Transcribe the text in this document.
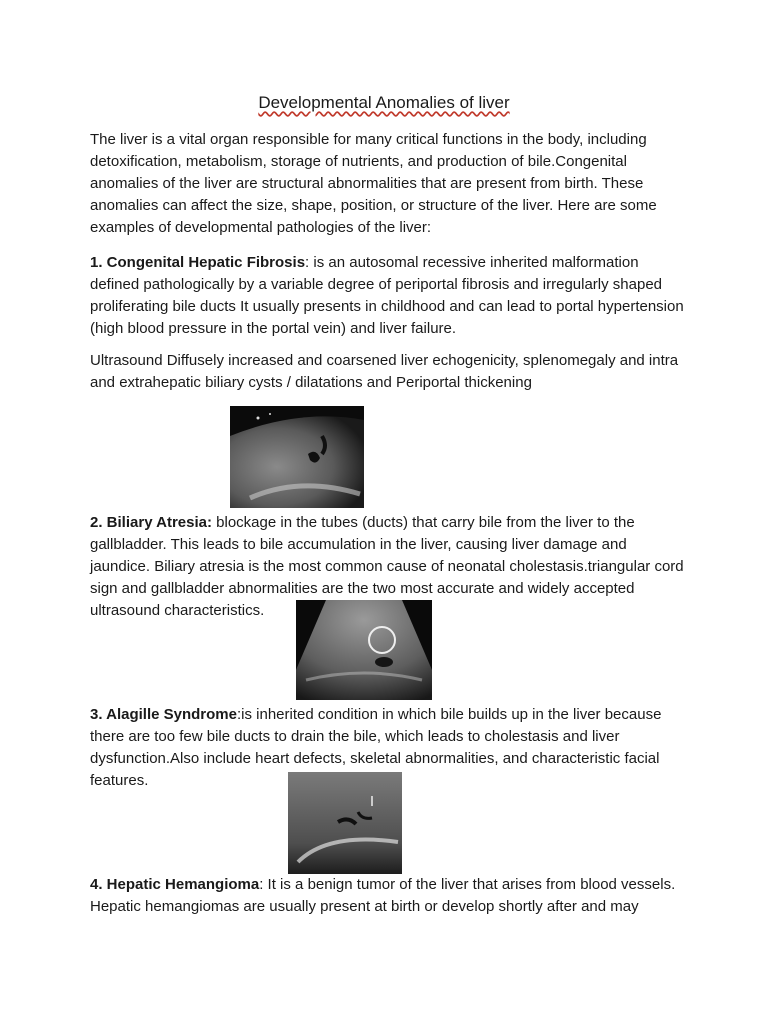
Developmental Anomalies of liver

The liver is a vital organ responsible for many critical functions in the body, including detoxification, metabolism, storage of nutrients, and production of bile.Congenital anomalies of the liver are structural abnormalities that are present from birth. These anomalies can affect the size, shape, position, or structure of the liver. Here are some examples of developmental pathologies of the liver:

1. Congenital Hepatic Fibrosis: is an autosomal recessive inherited malformation defined pathologically by a variable degree of periportal fibrosis and irregularly shaped proliferating bile ducts It usually presents in childhood and can lead to portal hypertension (high blood pressure in the portal vein) and liver failure.

Ultrasound Diffusely increased and coarsened liver echogenicity, splenomegaly and intra and extrahepatic biliary cysts / dilatations and Periportal thickening

2. Biliary Atresia: blockage in the tubes (ducts) that carry bile from the liver to the gallbladder. This leads to bile accumulation in the liver, causing liver damage and jaundice. Biliary atresia is the most common cause of neonatal cholestasis.triangular cord sign and gallbladder abnormalities are the two most accurate and widely accepted ultrasound characteristics.

3. Alagille Syndrome:is inherited condition in which bile builds up in the liver because there are too few bile ducts to drain the bile, which leads to cholestasis and liver dysfunction.Also include heart defects, skeletal abnormalities, and characteristic facial features.

4. Hepatic Hemangioma: It is a benign tumor of the liver that arises from blood vessels. Hepatic hemangiomas are usually present at birth or develop shortly after and may
